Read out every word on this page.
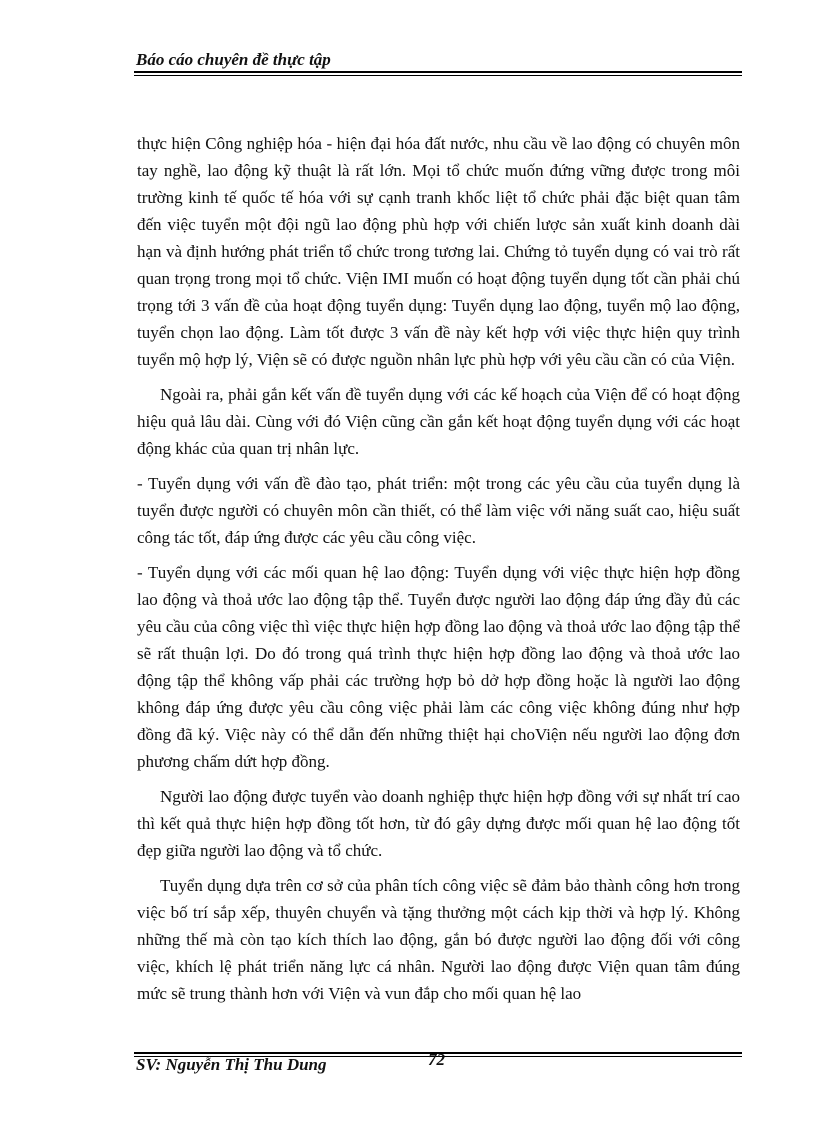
Báo cáo chuyên đề thực tập

thực hiện Công nghiệp hóa - hiện đại hóa đất nước, nhu cầu về lao động có chuyên môn tay nghề, lao động kỹ thuật là rất lớn. Mọi tổ chức muốn đứng vững được trong môi trường kinh tế quốc tế hóa với sự cạnh tranh khốc liệt tổ chức phải đặc biệt quan tâm đến việc tuyển một đội ngũ lao động phù hợp với chiến lược sản xuất kinh doanh dài hạn và định hướng phát triển tổ chức trong tương lai. Chứng tỏ tuyển dụng có vai trò rất quan trọng trong mọi tổ chức. Viện IMI muốn có hoạt động tuyển dụng tốt cần phải chú trọng tới 3 vấn đề của hoạt động tuyển dụng: Tuyển dụng lao động, tuyển mộ lao động, tuyển chọn lao động. Làm tốt được 3 vấn đề này kết hợp với việc thực hiện quy trình tuyển mộ hợp lý, Viện sẽ có được nguồn nhân lực phù hợp với yêu cầu cần có của Viện.

Ngoài ra, phải gắn kết vấn đề tuyển dụng với các kế hoạch của Viện để có hoạt động hiệu quả lâu dài. Cùng với đó Viện cũng cần gắn kết hoạt động tuyển dụng với các hoạt động khác của quan trị nhân lực.

- Tuyển dụng với vấn đề đào tạo, phát triển: một trong các yêu cầu của tuyển dụng là tuyển được người có chuyên môn cần thiết, có thể làm việc với năng suất cao, hiệu suất công tác tốt, đáp ứng được các yêu cầu công việc.

- Tuyển dụng với các mối quan hệ lao động: Tuyển dụng với việc thực hiện hợp đồng lao động và thoả ước lao động tập thể. Tuyển được người lao động đáp ứng đầy đủ các yêu cầu của công việc thì việc thực hiện hợp đồng lao động và thoả ước lao động tập thể sẽ rất thuận lợi. Do đó trong quá trình thực hiện hợp đồng lao động và thoả ước lao động tập thể không vấp phải các trường hợp bỏ dở hợp đồng hoặc là người lao động không đáp ứng được yêu cầu công việc phải làm các công việc không đúng như hợp đồng đã ký. Việc này có thể dẫn đến những thiệt hại choViện nếu người lao động đơn phương chấm dứt hợp đồng.

Người lao động được tuyển vào doanh nghiệp thực hiện hợp đồng với sự nhất trí cao thì kết quả thực hiện hợp đồng tốt hơn, từ đó gây dựng được mối quan hệ lao động tốt đẹp giữa người lao động và tổ chức.

Tuyển dụng dựa trên cơ sở của phân tích công việc sẽ đảm bảo thành công hơn trong việc bố trí sắp xếp, thuyên chuyển và tặng thưởng một cách kịp thời và hợp lý. Không những thế mà còn tạo kích thích lao động, gắn bó được người lao động đối với công việc, khích lệ phát triển năng lực cá nhân. Người lao động được Viện quan tâm đúng mức sẽ trung thành hơn với Viện và vun đắp cho mối quan hệ lao

SV: Nguyễn Thị Thu Dung	72
